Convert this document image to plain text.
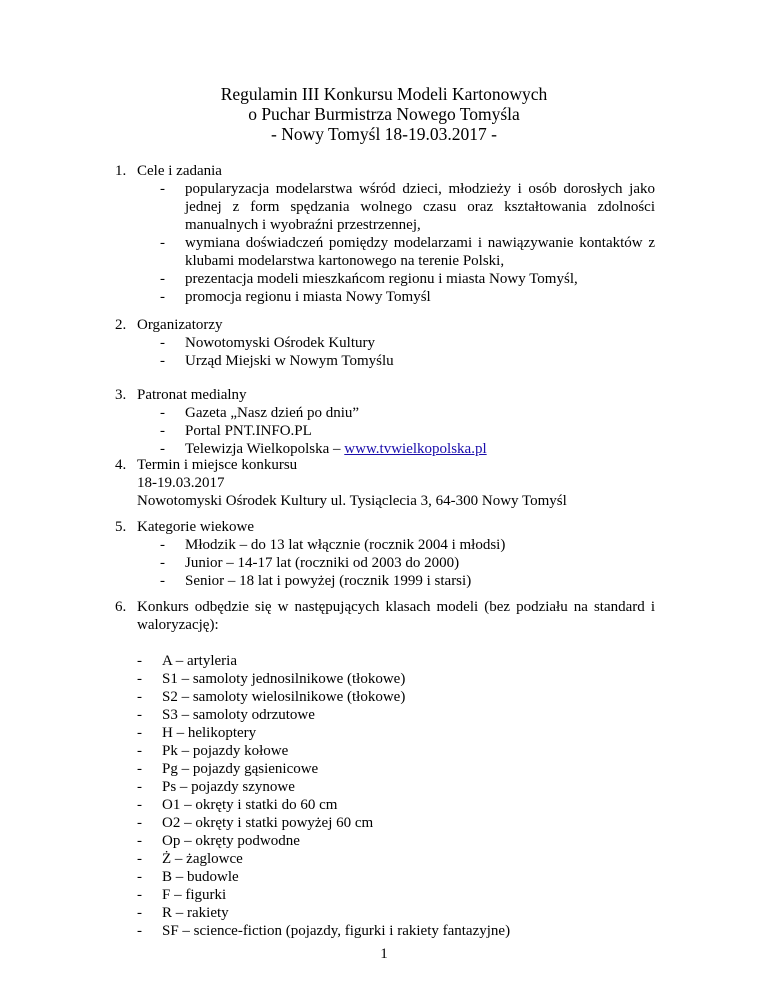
Regulamin III Konkursu Modeli Kartonowych
o Puchar Burmistrza Nowego Tomyśla
- Nowy Tomyśl 18-19.03.2017 -
1. Cele i zadania
-	popularyzacja modelarstwa wśród dzieci, młodzieży i osób dorosłych jako jednej z form spędzania wolnego czasu oraz kształtowania zdolności manualnych i wyobraźni przestrzennej,
-	wymiana doświadczeń pomiędzy modelarzami i nawiązywanie kontaktów z klubami modelarstwa kartonowego na terenie Polski,
-	prezentacja modeli mieszkańcom regionu i miasta Nowy Tomyśl,
-	promocja regionu i miasta Nowy Tomyśl
2. Organizatorzy
-	Nowotomyski Ośrodek Kultury
-	Urząd Miejski w Nowym Tomyślu
3. Patronat medialny
-	Gazeta „Nasz dzień po dniu”
-	Portal PNT.INFO.PL
-	Telewizja Wielkopolska – www.tvwielkopolska.pl
4. Termin i miejsce konkursu
18-19.03.2017
Nowotomyski Ośrodek Kultury ul. Tysiąclecia 3, 64-300 Nowy Tomyśl
5. Kategorie wiekowe
-	Młodzik – do 13 lat włącznie (rocznik 2004 i młodsi)
-	Junior – 14-17 lat (roczniki od 2003 do 2000)
-	Senior – 18 lat i powyżej (rocznik 1999 i starsi)
6. Konkurs odbędzie się w następujących klasach modeli (bez podziału na standard i waloryzację):
-	A – artyleria
-	S1 – samoloty jednosilnikowe (tłokowe)
-	S2 – samoloty wielosilnikowe (tłokowe)
-	S3 – samoloty odrzutowe
-	H – helikoptery
-	Pk – pojazdy kołowe
-	Pg – pojazdy gąsienicowe
-	Ps – pojazdy szynowe
-	O1 – okręty i statki do 60 cm
-	O2 – okręty i statki powyżej 60 cm
-	Op – okręty podwodne
-	Ż – żaglowce
-	B – budowle
-	F – figurki
-	R – rakiety
-	SF – science-fiction (pojazdy, figurki i rakiety fantazyjne)
1
